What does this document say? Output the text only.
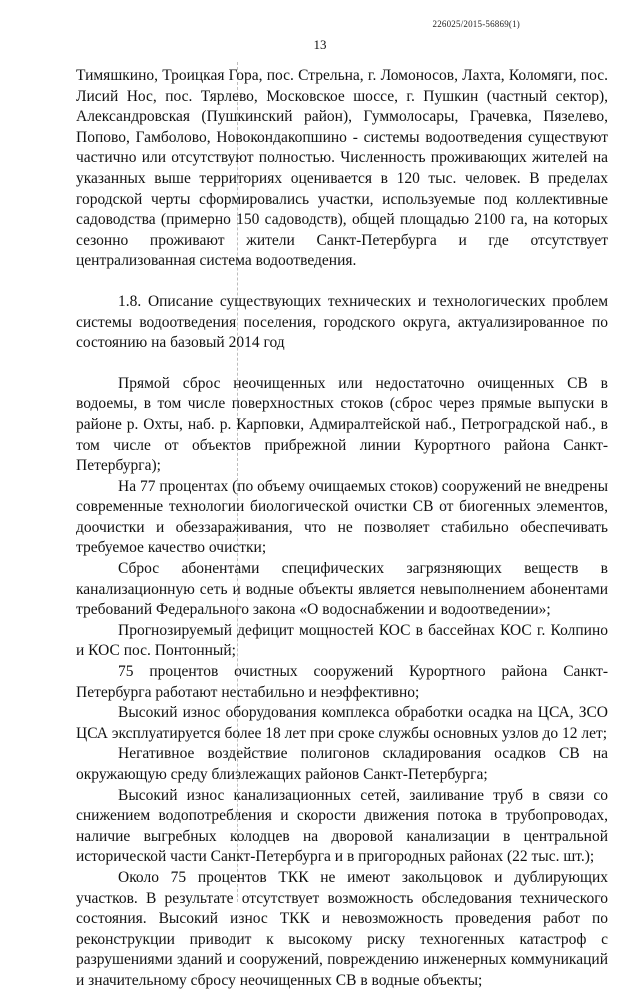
226025/2015-56869(1)
13

Тимяшкино, Троицкая Гора, пос. Стрельна, г. Ломоносов, Лахта, Коломяги, пос. Лисий Нос, пос. Тярлево, Московское шоссе, г. Пушкин (частный сектор), Александровская (Пушкинский район), Гуммолосары, Грачевка, Пязелево, Попово, Гамболово, Новокондакопшино - системы водоотведения существуют частично или отсутствуют полностью. Численность проживающих жителей на указанных выше территориях оценивается в 120 тыс. человек. В пределах городской черты сформировались участки, используемые под коллективные садоводства (примерно 150 садоводств), общей площадью 2100 га, на которых сезонно проживают жители Санкт-Петербурга и где отсутствует централизованная система водоотведения.

1.8. Описание существующих технических и технологических проблем системы водоотведения поселения, городского округа, актуализированное по состоянию на базовый 2014 год

Прямой сброс неочищенных или недостаточно очищенных СВ в водоемы, в том числе поверхностных стоков (сброс через прямые выпуски в районе р. Охты, наб. р. Карповки, Адмиралтейской наб., Петроградской наб., в том числе от объектов прибрежной линии Курортного района Санкт-Петербурга);

На 77 процентах (по объему очищаемых стоков) сооружений не внедрены современные технологии биологической очистки СВ от биогенных элементов, доочистки и обеззараживания, что не позволяет стабильно обеспечивать требуемое качество очистки;

Сброс абонентами специфических загрязняющих веществ в канализационную сеть и водные объекты является невыполнением абонентами требований Федерального закона «О водоснабжении и водоотведении»;

Прогнозируемый дефицит мощностей КОС в бассейнах КОС г. Колпино и КОС пос. Понтонный;

75 процентов очистных сооружений Курортного района Санкт-Петербурга работают нестабильно и неэффективно;

Высокий износ оборудования комплекса обработки осадка на ЦСА, ЗСО ЦСА эксплуатируется более 18 лет при сроке службы основных узлов до 12 лет;

Негативное воздействие полигонов складирования осадков СВ на окружающую среду близлежащих районов Санкт-Петербурга;

Высокий износ канализационных сетей, заиливание труб в связи со снижением водопотребления и скорости движения потока в трубопроводах, наличие выгребных колодцев на дворовой канализации в центральной исторической части Санкт-Петербурга и в пригородных районах (22 тыс. шт.);

Около 75 процентов ТКК не имеют закольцовок и дублирующих участков. В результате отсутствует возможность обследования технического состояния. Высокий износ ТКК и невозможность проведения работ по реконструкции приводит к высокому риску техногенных катастроф с разрушениями зданий и сооружений, повреждению инженерных коммуникаций и значительному сбросу неочищенных СВ в водные объекты;
